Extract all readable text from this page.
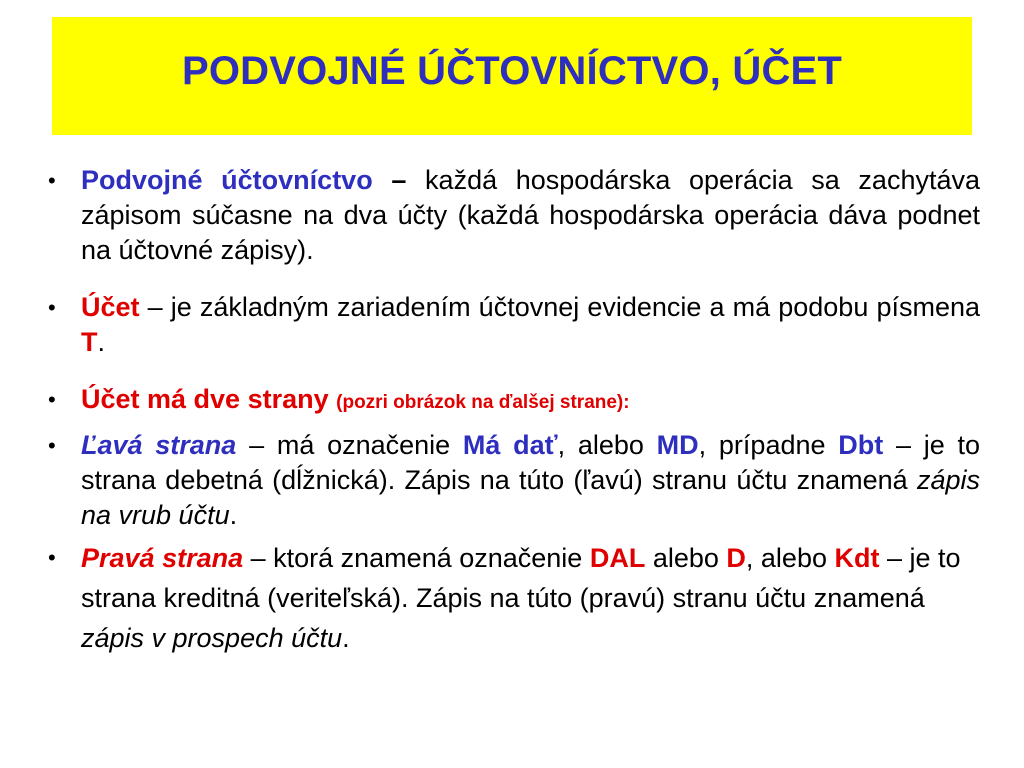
PODVOJNÉ ÚČTOVNÍCTVO, ÚČET
• Podvojné účtovníctvo – každá hospodárska operácia sa zachytáva zápisom súčasne na dva účty (každá hospodárska operácia dáva podnet na účtovné zápisy).
• Účet – je základným zariadením účtovnej evidencie a má podobu písmena T.
• Účet má dve strany (pozri obrázok na ďalšej strane):
• Ľavá strana – má označenie Má dať, alebo MD, prípadne Dbt – je to strana debetná (dĺžnická). Zápis na túto (ľavú) stranu účtu znamená zápis na vrub účtu.
• Pravá strana – ktorá znamená označenie DAL alebo D, alebo Kdt – je to strana kreditná (veriteľská). Zápis na túto (pravú) stranu účtu znamená zápis v prospech účtu.
